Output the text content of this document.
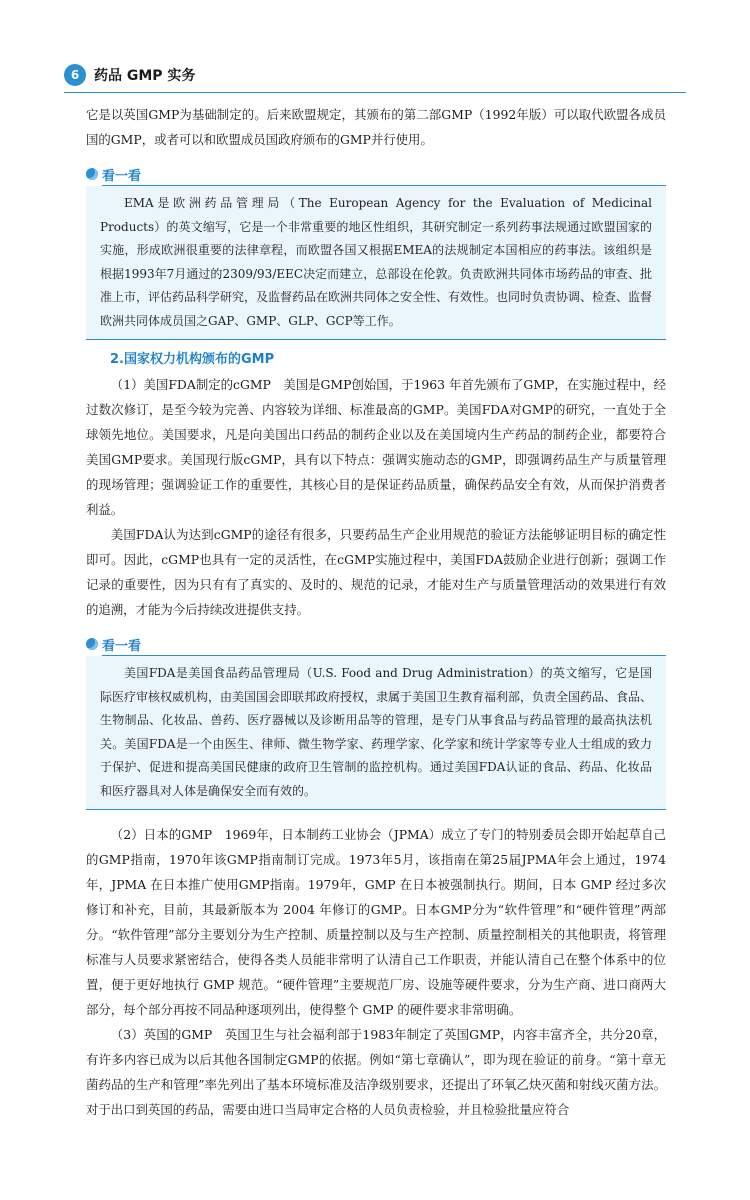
6	药品 GMP 实务

它是以英国GMP为基础制定的。后来欧盟规定，其颁布的第二部GMP（1992年版）可以取代欧盟各成员国的GMP，或者可以和欧盟成员国政府颁布的GMP并行使用。

看一看

EMA是欧洲药品管理局（The European Agency for the Evaluation of Medicinal Products）的英文缩写，它是一个非常重要的地区性组织，其研究制定一系列药事法规通过欧盟国家的实施，形成欧洲很重要的法律章程，而欧盟各国又根据EMEA的法规制定本国相应的药事法。该组织是根据1993年7月通过的2309/93/EEC决定而建立，总部设在伦敦。负责欧洲共同体市场药品的审查、批准上市，评估药品科学研究，及监督药品在欧洲共同体之安全性、有效性。也同时负责协调、检查、监督欧洲共同体成员国之GAP、GMP、GLP、GCP等工作。

2.国家权力机构颁布的GMP

（1）美国FDA制定的cGMP　美国是GMP创始国，于1963 年首先颁布了GMP，在实施过程中，经过数次修订，是至今较为完善、内容较为详细、标准最高的GMP。美国FDA对GMP的研究，一直处于全球领先地位。美国要求，凡是向美国出口药品的制药企业以及在美国境内生产药品的制药企业，都要符合美国GMP要求。美国现行版cGMP，具有以下特点：强调实施动态的GMP，即强调药品生产与质量管理的现场管理；强调验证工作的重要性，其核心目的是保证药品质量，确保药品安全有效，从而保护消费者利益。

美国FDA认为达到cGMP的途径有很多，只要药品生产企业用规范的验证方法能够证明目标的确定性即可。因此，cGMP也具有一定的灵活性，在cGMP实施过程中，美国FDA鼓励企业进行创新；强调工作记录的重要性，因为只有有了真实的、及时的、规范的记录，才能对生产与质量管理活动的效果进行有效的追溯，才能为今后持续改进提供支持。

看一看

美国FDA是美国食品药品管理局（U.S. Food and Drug Administration）的英文缩写，它是国际医疗审核权威机构，由美国国会即联邦政府授权，隶属于美国卫生教育福利部，负责全国药品、食品、生物制品、化妆品、兽药、医疗器械以及诊断用品等的管理，是专门从事食品与药品管理的最高执法机关。美国FDA是一个由医生、律师、微生物学家、药理学家、化学家和统计学家等专业人士组成的致力于保护、促进和提高美国民健康的政府卫生管制的监控机构。通过美国FDA认证的食品、药品、化妆品和医疗器具对人体是确保安全而有效的。

（2）日本的GMP　1969年，日本制药工业协会（JPMA）成立了专门的特别委员会即开始起草自己的GMP指南，1970年该GMP指南制订完成。1973年5月，该指南在第25届JPMA年会上通过，1974年，JPMA 在日本推广使用GMP指南。1979年，GMP 在日本被强制执行。期间，日本 GMP 经过多次修订和补充，目前，其最新版本为 2004 年修订的GMP。日本GMP分为“软件管理”和“硬件管理”两部分。“软件管理”部分主要划分为生产控制、质量控制以及与生产控制、质量控制相关的其他职责，将管理标准与人员要求紧密结合，使得各类人员能非常明了认清自己工作职责，并能认清自己在整个体系中的位置，便于更好地执行 GMP 规范。“硬件管理”主要规范厂房、设施等硬件要求，分为生产商、进口商两大部分，每个部分再按不同品种逐项列出，使得整个 GMP 的硬件要求非常明确。

（3）英国的GMP　英国卫生与社会福利部于1983年制定了英国GMP，内容丰富齐全，共分20章，有许多内容已成为以后其他各国制定GMP的依据。例如“第七章确认”，即为现在验证的前身。“第十章无菌药品的生产和管理”率先列出了基本环境标准及洁净级别要求，还提出了环氧乙炔灭菌和射线灭菌方法。对于出口到英国的药品，需要由进口当局审定合格的人员负责检验，并且检验批量应符合
